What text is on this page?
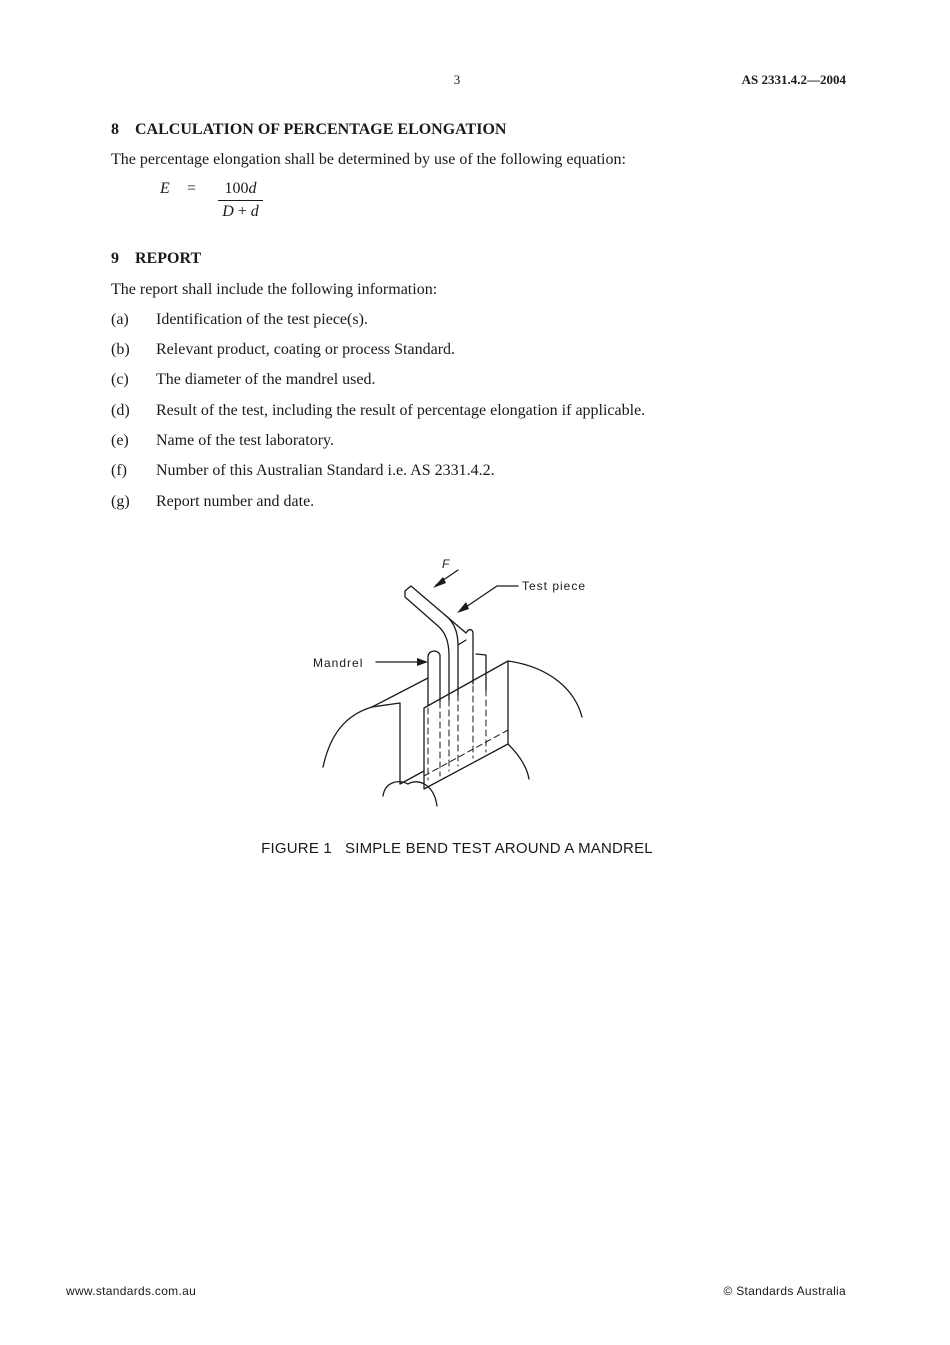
3	AS 2331.4.2—2004
8 CALCULATION OF PERCENTAGE ELONGATION
The percentage elongation shall be determined by use of the following equation:
$E = \frac{100d}{D + d}$
9 REPORT
The report shall include the following information:
(a) Identification of the test piece(s).
(b) Relevant product, coating or process Standard.
(c) The diameter of the mandrel used.
(d) Result of the test, including the result of percentage elongation if applicable.
(e) Name of the test laboratory.
(f) Number of this Australian Standard i.e. AS 2331.4.2.
(g) Report number and date.
F
Test piece
Mandrel
FIGURE 1   SIMPLE BEND TEST AROUND A MANDREL
www.standards.com.au	© Standards Australia
